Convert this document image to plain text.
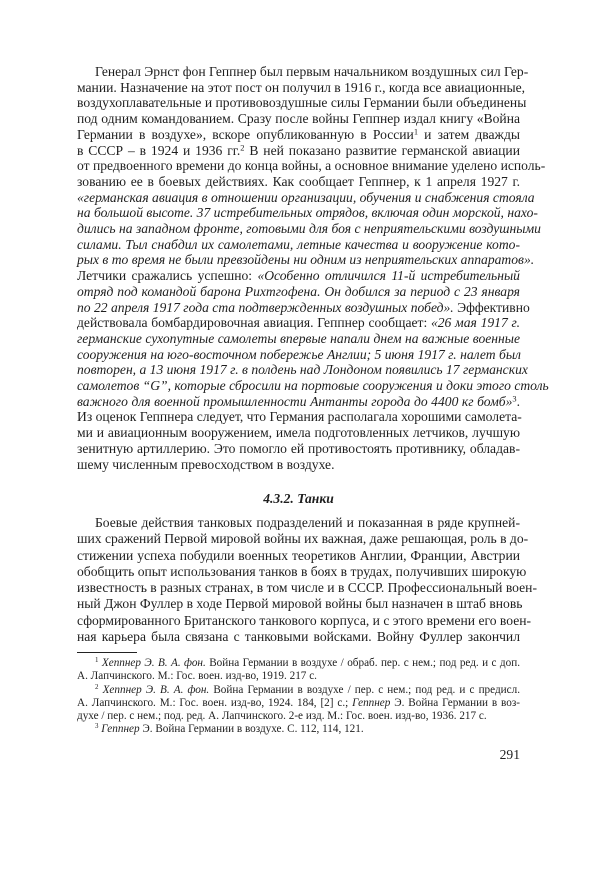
Генерал Эрнст фон Геппнер был первым начальником воздушных сил Гер-
мании. Назначение на этот пост он получил в 1916 г., когда все авиационные,
воздухоплавательные и противовоздушные силы Германии были объединены
под одним командованием. Сразу после войны Геппнер издал книгу «Война
Германии в воздухе», вскоре опубликованную в России$^1$ и затем дважды
в СССР – в 1924 и 1936 гг.$^2$ В ней показано развитие германской авиации
от предвоенного времени до конца войны, а основное внимание уделено исполь-
зованию ее в боевых действиях. Как сообщает Геппнер, к 1 апреля 1927 г.
«германская авиация в отношении организации, обучения и снабжения стояла
на большой высоте. 37 истребительных отрядов, включая один морской, нахо-
дились на западном фронте, готовыми для боя с неприятельскими воздушными
силами. Тыл снабдил их самолетами, летные качества и вооружение кото-
рых в то время не были превзойдены ни одним из неприятельских аппаратов».
Летчики сражались успешно: «Особенно отличился 11-й истребительный
отряд под командой барона Рихтгофена. Он добился за период с 23 января
по 22 апреля 1917 года ста подтвержденных воздушных побед». Эффективно
действовала бомбардировочная авиация. Геппнер сообщает: «26 мая 1917 г.
германские сухопутные самолеты впервые напали днем на важные военные
сооружения на юго-восточном побережье Англии; 5 июня 1917 г. налет был
повторен, а 13 июня 1917 г. в полдень над Лондоном появились 17 германских
самолетов “G”, которые сбросили на портовые сооружения и доки этого столь
важного для военной промышленности Антанты города до 4400 кг бомб»$^3$.
Из оценок Геппнера следует, что Германия располагала хорошими самолета-
ми и авиационным вооружением, имела подготовленных летчиков, лучшую
зенитную артиллерию. Это помогло ей противостоять противнику, обладав-
шему численным превосходством в воздухе.
4.3.2. Танки
Боевые действия танковых подразделений и показанная в ряде крупней-
ших сражений Первой мировой войны их важная, даже решающая, роль в до-
стижении успеха побудили военных теоретиков Англии, Франции, Австрии
обобщить опыт использования танков в боях в трудах, получивших широкую
известность в разных странах, в том числе и в СССР. Профессиональный воен-
ный Джон Фуллер в ходе Первой мировой войны был назначен в штаб вновь
сформированного Британского танкового корпуса, и с этого времени его воен-
ная карьера была связана с танковыми войсками. Войну Фуллер закончил
$^1$ Хеппнер Э. В. А. фон. Война Германии в воздухе / обраб. пер. с нем.; под ред. и с доп.
А. Лапчинского. М.: Гос. воен. изд-во, 1919. 217 с.
$^2$ Хеппнер Э. В. А. фон. Война Германии в воздухе / пер. с нем.; под ред. и с предисл.
А. Лапчинского. М.: Гос. воен. изд-во, 1924. 184, [2] с.; Геппнер Э. Война Германии в воз-
духе / пер. с нем.; под. ред. А. Лапчинского. 2-е изд. М.: Гос. воен. изд-во, 1936. 217 с.
$^3$ Геппнер Э. Война Германии в воздухе. С. 112, 114, 121.
291
